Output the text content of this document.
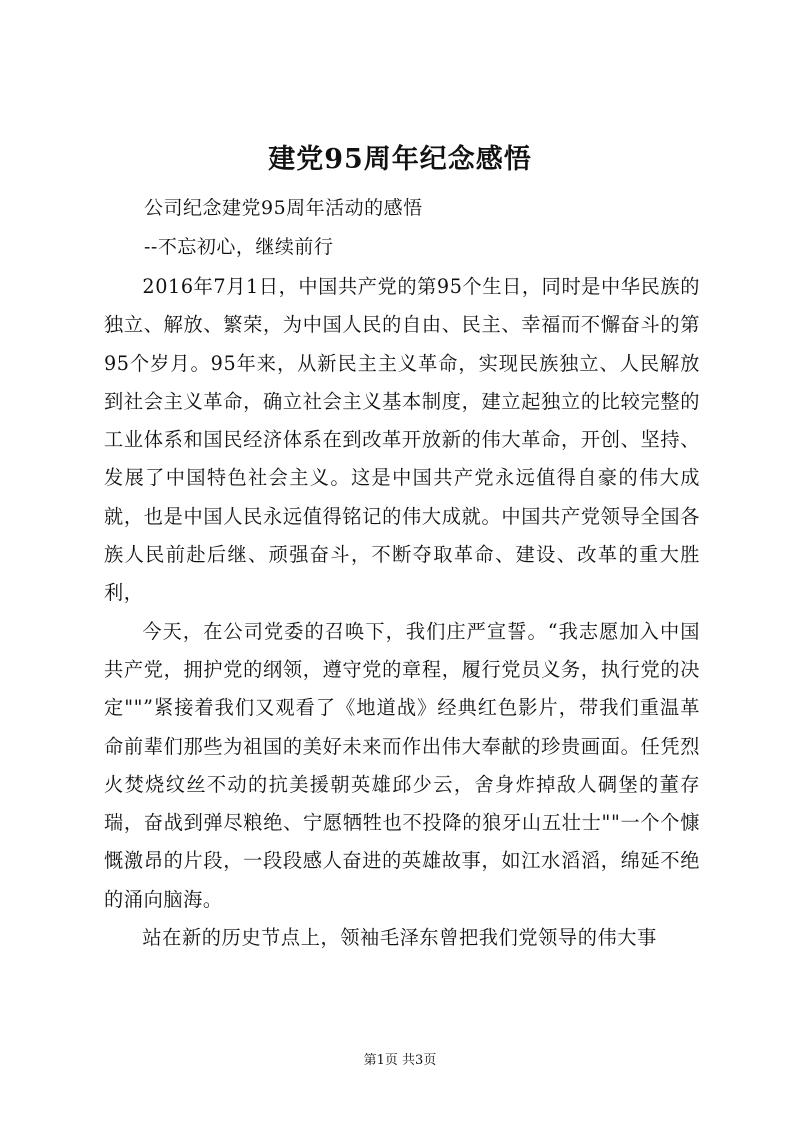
建党95周年纪念感悟
公司纪念建党95周年活动的感悟
--不忘初心，继续前行

2016年7月1日，中国共产党的第95个生日，同时是中华民族的独立、解放、繁荣，为中国人民的自由、民主、幸福而不懈奋斗的第95个岁月。95年来，从新民主主义革命，实现民族独立、人民解放到社会主义革命，确立社会主义基本制度，建立起独立的比较完整的工业体系和国民经济体系在到改革开放新的伟大革命，开创、坚持、发展了中国特色社会主义。这是中国共产党永远值得自豪的伟大成就，也是中国人民永远值得铭记的伟大成就。中国共产党领导全国各族人民前赴后继、顽强奋斗，不断夺取革命、建设、改革的重大胜利，

今天，在公司党委的召唤下，我们庄严宣誓。“我志愿加入中国共产党，拥护党的纲领，遵守党的章程，履行党员义务，执行党的决定""”紧接着我们又观看了《地道战》经典红色影片，带我们重温革命前辈们那些为祖国的美好未来而作出伟大奉献的珍贵画面。任凭烈火焚烧纹丝不动的抗美援朝英雄邱少云，舍身炸掉敌人碉堡的董存瑞，奋战到弹尽粮绝、宁愿牺牲也不投降的狼牙山五壮士""一个个慷慨激昂的片段，一段段感人奋进的英雄故事，如江水滔滔，绵延不绝的涌向脑海。

站在新的历史节点上，领袖毛泽东曾把我们党领导的伟大事

第1页 共3页
